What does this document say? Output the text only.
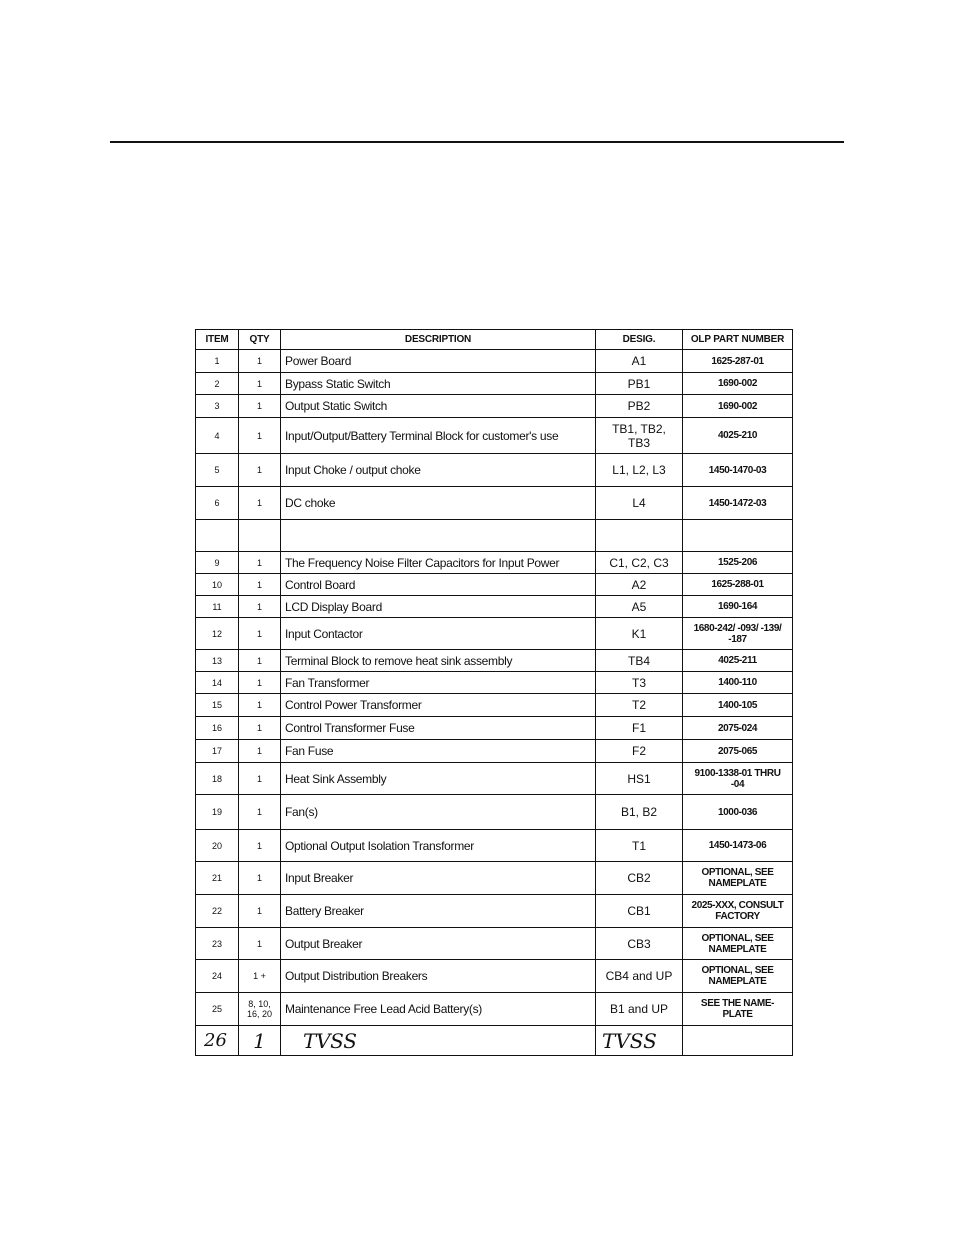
ITEM	QTY	DESCRIPTION	DESIG.	OLP PART NUMBER
1	1	Power Board	A1	1625-287-01
2	1	Bypass Static Switch	PB1	1690-002
3	1	Output Static Switch	PB2	1690-002
4	1	Input/Output/Battery Terminal Block for customer's use	TB1, TB2, TB3	4025-210
5	1	Input Choke / output choke	L1, L2, L3	1450-1470-03
6	1	DC choke	L4	1450-1472-03

9	1	The Frequency Noise Filter Capacitors for Input Power	C1, C2, C3	1525-206
10	1	Control Board	A2	1625-288-01
11	1	LCD Display Board	A5	1690-164
12	1	Input Contactor	K1	1680-242/ -093/ -139/ -187
13	1	Terminal Block to remove heat sink assembly	TB4	4025-211
14	1	Fan Transformer	T3	1400-110
15	1	Control Power Transformer	T2	1400-105
16	1	Control Transformer Fuse	F1	2075-024
17	1	Fan Fuse	F2	2075-065
18	1	Heat Sink Assembly	HS1	9100-1338-01 THRU -04
19	1	Fan(s)	B1, B2	1000-036
20	1	Optional Output Isolation Transformer	T1	1450-1473-06
21	1	Input Breaker	CB2	OPTIONAL, SEE NAMEPLATE
22	1	Battery Breaker	CB1	2025-XXX, CONSULT FACTORY
23	1	Output Breaker	CB3	OPTIONAL, SEE NAMEPLATE
24	1 +	Output Distribution Breakers	CB4 and UP	OPTIONAL, SEE NAMEPLATE
25	8, 10, 16, 20	Maintenance Free Lead Acid Battery(s)	B1 and UP	SEE THE NAME-PLATE
26	1	TVSS	TVSS	
